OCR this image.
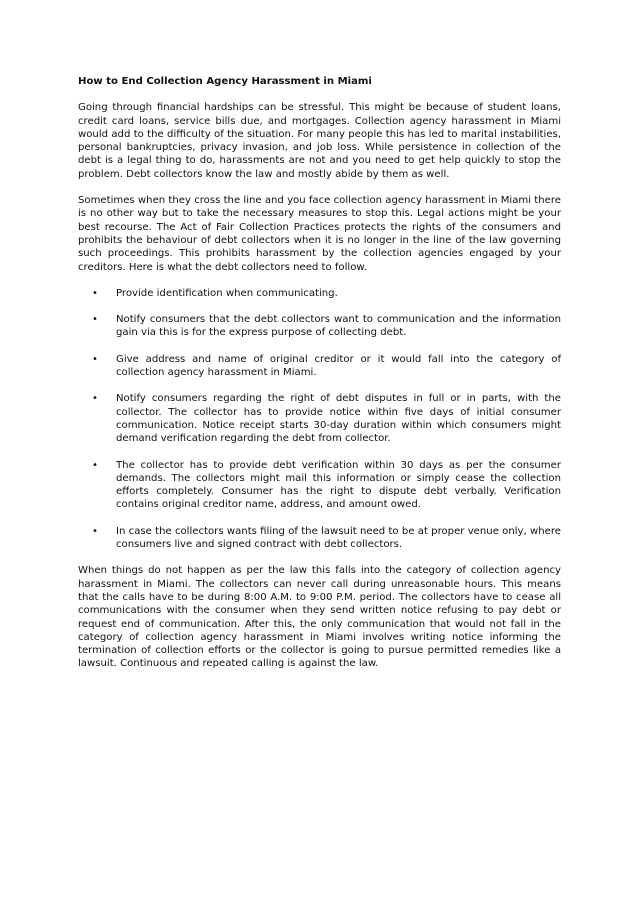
How to End Collection Agency Harassment in Miami

Going through financial hardships can be stressful. This might be because of student loans, credit card loans, service bills due, and mortgages. Collection agency harassment in Miami would add to the difficulty of the situation. For many people this has led to marital instabilities, personal bankruptcies, privacy invasion, and job loss. While persistence in collection of the debt is a legal thing to do, harassments are not and you need to get help quickly to stop the problem. Debt collectors know the law and mostly abide by them as well.

Sometimes when they cross the line and you face collection agency harassment in Miami there is no other way but to take the necessary measures to stop this. Legal actions might be your best recourse. The Act of Fair Collection Practices protects the rights of the consumers and prohibits the behaviour of debt collectors when it is no longer in the line of the law governing such proceedings. This prohibits harassment by the collection agencies engaged by your creditors. Here is what the debt collectors need to follow.

• Provide identification when communicating.
• Notify consumers that the debt collectors want to communication and the information gain via this is for the express purpose of collecting debt.
• Give address and name of original creditor or it would fall into the category of collection agency harassment in Miami.
• Notify consumers regarding the right of debt disputes in full or in parts, with the collector. The collector has to provide notice within five days of initial consumer communication. Notice receipt starts 30-day duration within which consumers might demand verification regarding the debt from collector.
• The collector has to provide debt verification within 30 days as per the consumer demands. The collectors might mail this information or simply cease the collection efforts completely. Consumer has the right to dispute debt verbally. Verification contains original creditor name, address, and amount owed.
• In case the collectors wants filing of the lawsuit need to be at proper venue only, where consumers live and signed contract with debt collectors.

When things do not happen as per the law this falls into the category of collection agency harassment in Miami. The collectors can never call during unreasonable hours. This means that the calls have to be during 8:00 A.M. to 9:00 P.M. period. The collectors have to cease all communications with the consumer when they send written notice refusing to pay debt or request end of communication. After this, the only communication that would not fall in the category of collection agency harassment in Miami involves writing notice informing the termination of collection efforts or the collector is going to pursue permitted remedies like a lawsuit. Continuous and repeated calling is against the law.
